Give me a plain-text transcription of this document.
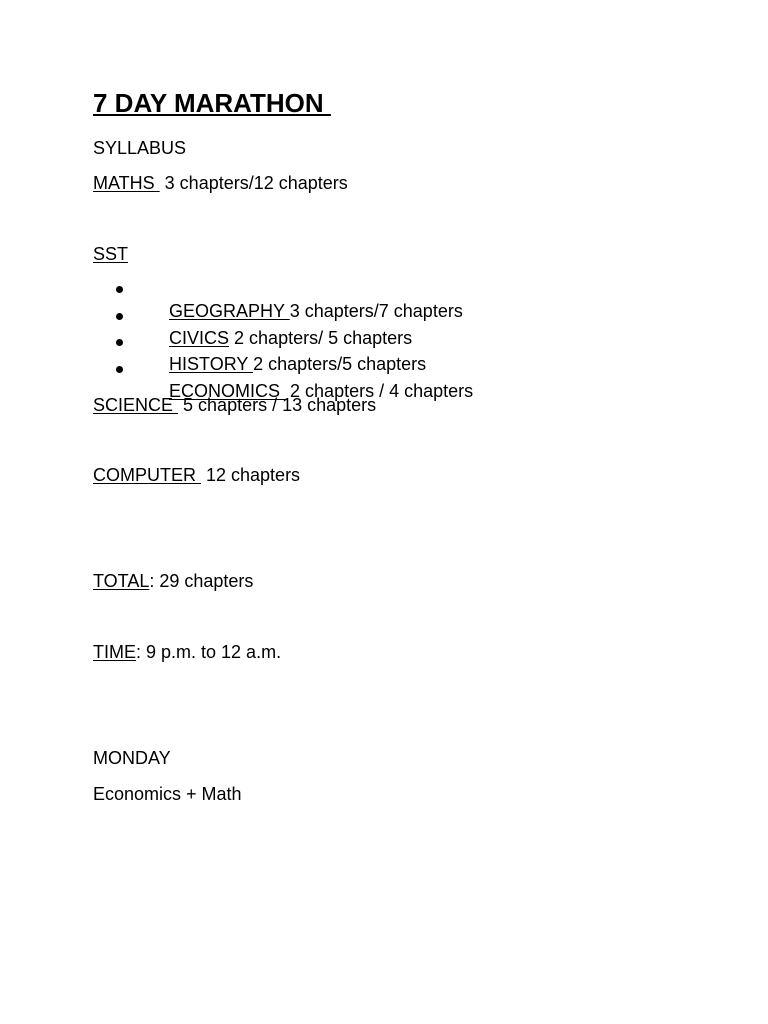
7 DAY MARATHON

SYLLABUS

MATHS  3 chapters/12 chapters

SST

GEOGRAPHY 3 chapters/7 chapters

CIVICS 2 chapters/ 5 chapters

HISTORY 2 chapters/5 chapters

ECONOMICS  2 chapters / 4 chapters

SCIENCE  5 chapters / 13 chapters

COMPUTER  12 chapters

TOTAL: 29 chapters

TIME: 9 p.m. to 12 a.m.

MONDAY

Economics + Math
